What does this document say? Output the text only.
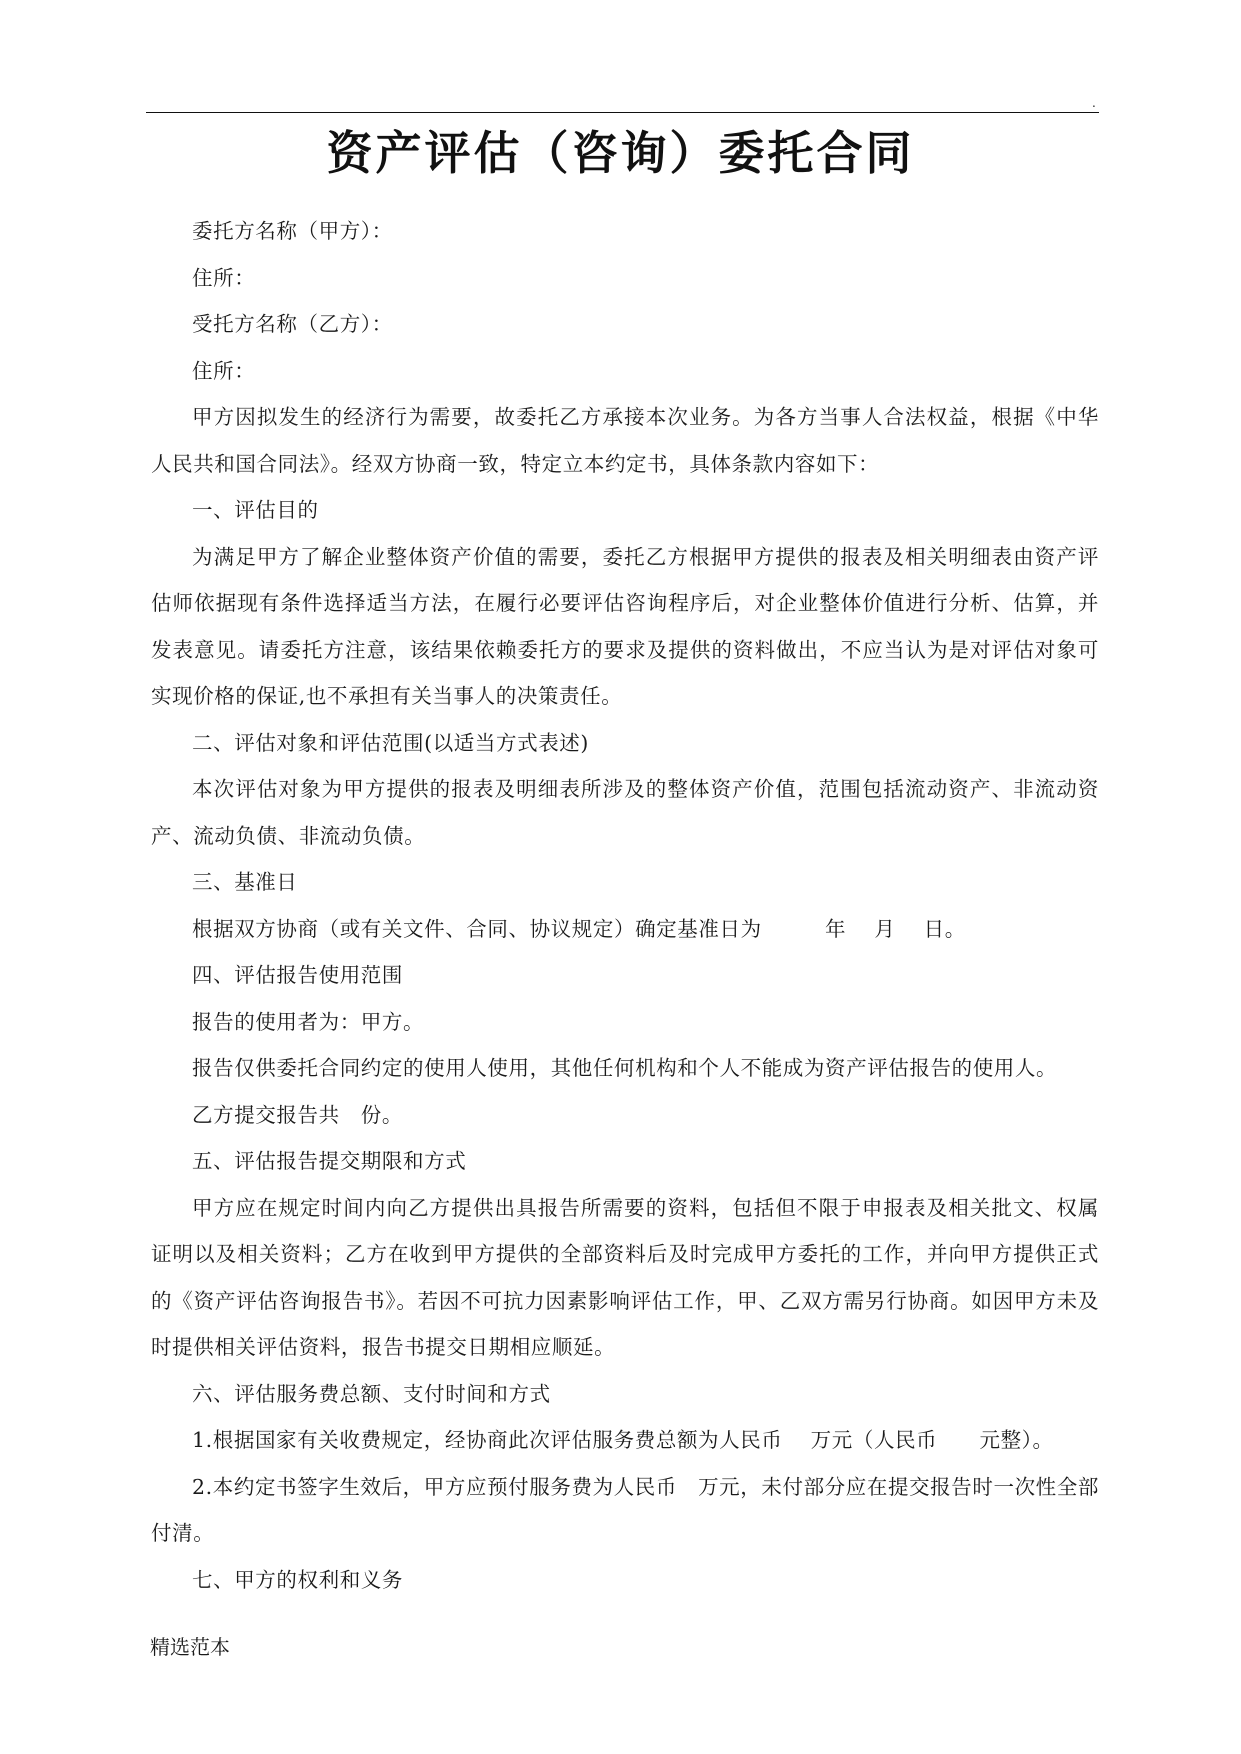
.
资产评估（咨询）委托合同

委托方名称（甲方）：

住所：

受托方名称（乙方）：

住所：

甲方因拟发生的经济行为需要，故委托乙方承接本次业务。为各方当事人合法权益，根据《中华人民共和国合同法》。经双方协商一致，特定立本约定书，具体条款内容如下：

一、评估目的

为满足甲方了解企业整体资产价值的需要，委托乙方根据甲方提供的报表及相关明细表由资产评估师依据现有条件选择适当方法，在履行必要评估咨询程序后，对企业整体价值进行分析、估算，并发表意见。请委托方注意，该结果依赖委托方的要求及提供的资料做出，不应当认为是对评估对象可实现价格的保证,也不承担有关当事人的决策责任。

二、评估对象和评估范围(以适当方式表述)

本次评估对象为甲方提供的报表及明细表所涉及的整体资产价值，范围包括流动资产、非流动资产、流动负债、非流动负债。

三、基准日

根据双方协商（或有关文件、合同、协议规定）确定基准日为　　　年　 月　 日。

四、评估报告使用范围

报告的使用者为：甲方。

报告仅供委托合同约定的使用人使用，其他任何机构和个人不能成为资产评估报告的使用人。

乙方提交报告共　份。

五、评估报告提交期限和方式

甲方应在规定时间内向乙方提供出具报告所需要的资料，包括但不限于申报表及相关批文、权属证明以及相关资料；乙方在收到甲方提供的全部资料后及时完成甲方委托的工作，并向甲方提供正式的《资产评估咨询报告书》。若因不可抗力因素影响评估工作，甲、乙双方需另行协商。如因甲方未及时提供相关评估资料，报告书提交日期相应顺延。

六、评估服务费总额、支付时间和方式

1.根据国家有关收费规定，经协商此次评估服务费总额为人民币　 万元（人民币　　元整）。

2.本约定书签字生效后，甲方应预付服务费为人民币　万元，未付部分应在提交报告时一次性全部付清。

七、甲方的权利和义务

精选范本
